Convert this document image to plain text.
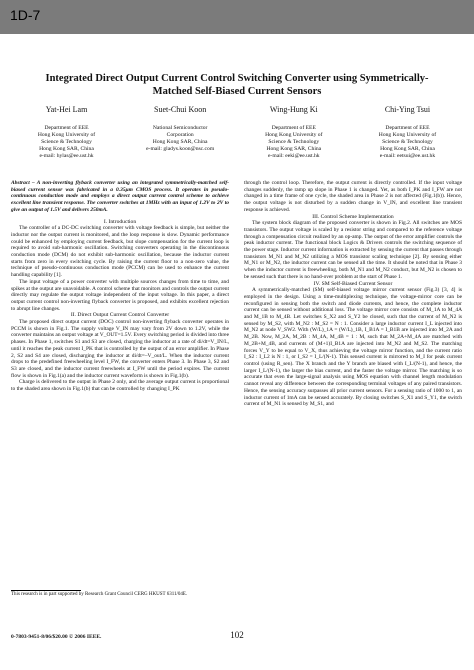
1D-7
Integrated Direct Output Current Control Switching Converter using Symmetrically-Matched Self-Biased Current Sensors
Yat-Hei Lam
Department of EEE
Hong Kong University of
Science & Technology
Hong Kong SAR, China
e-mail: hylas@ee.ust.hk
Suet-Chui Koon
National Semiconductor
Corporation
Hong Kong SAR, China
e-mail: gladys.koon@nsc.com
Wing-Hung Ki
Department of EEE
Hong Kong University of
Science & Technology
Hong Kong SAR, China
e-mail: eeki@ee.ust.hk
Chi-Ying Tsui
Department of EEE
Hong Kong University of
Science & Technology
Hong Kong SAR, China
e-mail: eetsui@ee.ust.hk

Abstract – A non-inverting flyback converter using an integrated symmetrically-matched self-biased current sensor was fabricated in a 0.35µm CMOS process. It operates in pseudo-continuous conduction mode and employs a direct output current control scheme to achieve excellent line transient response. The converter switches at 1MHz with an input of 1.2V to 2V to give an output of 1.5V and delivers 250mA.

I. Introduction

The controller of a DC-DC switching converter with voltage feedback is simple, but neither the inductor nor the output current is monitored, and the loop response is slow. Dynamic performance could be enhanced by employing current feedback, but slope compensation for the current loop is required to avoid sub-harmonic oscillation. Switching converters operating in the discontinuous conduction mode (DCM) do not exhibit sub-harmonic oscillation, because the inductor current starts from zero in every switching cycle. By raising the current floor to a non-zero value, the technique of pseudo-continuous conduction mode (PCCM) can be used to enhance the current handling capability [1].

The input voltage of a power converter with multiple sources changes from time to time, and spikes at the output are unavoidable. A control scheme that monitors and controls the output current directly may regulate the output voltage independent of the input voltage. In this paper, a direct output current control non-inverting flyback converter is proposed, and exhibits excellent rejection to abrupt line changes.

II. Direct Output Current Control Converter

The proposed direct output current (DOC) control non-inverting flyback converter operates in PCCM is shown in Fig.1. The supply voltage V_IN may vary from 2V down to 1.2V, while the converter maintains an output voltage at V_OUT=1.5V. Every switching period is divided into three phases. In Phase 1, switches S1 and S3 are closed, charging the inductor at a rate of di/dt=V_IN/L, until it reaches the peak current I_PK that is controlled by the output of an error amplifier. In Phase 2, S2 and S4 are closed, discharging the inductor at di/dt=–V_out/L. When the inductor current drops to the predefined freewheeling level I_FW, the converter enters Phase 3. In Phase 3, S2 and S3 are closed, and the inductor current freewheels at I_FW until the period expires. The current flow is shown in Fig.1(a) and the inductor current waveform is shown in Fig.1(b).

Charge is delivered to the output in Phase 2 only, and the average output current is proportional to the shaded area shown in Fig.1(b) that can be controlled by changing I_PK

through the control loop. Therefore, the output current is directly controlled. If the input voltage changes suddenly, the ramp up slope in Phase 1 is changed. Yet, as both I_PK and I_FW are not changed in a time frame of one cycle, the shaded area in Phase 2 is not affected (Fig.1(b)). Hence, the output voltage is not disturbed by a sudden change in V_IN, and excellent line transient response is achieved.

III. Control Scheme Implementation

The system block diagram of the proposed converter is shown in Fig.2. All switches are MOS transistors. The output voltage is scaled by a resistor string and compared to the reference voltage through a compensation circuit realized by an op-amp. The output of the error amplifier controls the peak inductor current. The functional block Logics & Drivers controls the switching sequence of the power stage. Inductor current information is extracted by sensing the current that passes through transistors M_N1 and M_N2 utilizing a MOS transistor scaling technique [2]. By sensing either M_N1 or M_N2, the inductor current can be sensed all the time. It should be noted that in Phase 3 when the inductor current is freewheeling, both M_N1 and M_N2 conduct, but M_N2 is chosen to be sensed such that there is no hand-over problem at the start of Phase 1.

IV. SM Self-Biased Current Sensor

A symmetrically-matched (SM) self-biased voltage mirror current sensor (Fig.3) [3, 4] is employed in the design. Using a time-multiplexing technique, the voltage-mirror core can be reconfigured in sensing both the switch and diode currents, and hence, the complete inductor current can be sensed without additional loss. The voltage mirror core consists of M_1A to M_4A and M_1B to M_4B. Let switches S_X2 and S_Y2 be closed, such that the current of M_N2 is sensed by M_S2, with M_N2 : M_S2 = N : 1. Consider a large inductor current I_L injected into M_N2 at node V_SW2. With (W/L)_1A = (W/L)_1B, I_B1A = I_B1B are injected into M_2A and M_2B. Now, M_2A, M_2B : M_4A, M_4B = 1 : M, such that M_2A+M_4A are matched with M_2B+M_4B, and currents of (M+1)I_B1A are injected into M_N2 and M_S2. The matching forces V_Y to be equal to V_X, thus achieving the voltage mirror function, and the current ratio I_S2 : I_L2 is N : 1, or I_S2 = I_L/(N-1). This sensed current is mirrored to M_I for peak current control (using R_sen). The X branch and the Y branch are biased with I_L/(N-1), and hence, the larger I_L/(N-1), the larger the bias current, and the faster the voltage mirror. The matching is so accurate that even the large-signal analysis using MOS equation with channel length modulation cannot reveal any difference between the corresponding terminal voltages of any paired transistors. Hence, the sensing accuracy surpasses all prior current sensors. For a sensing ratio of 1000 to 1, an inductor current of 1mA can be sensed accurately. By closing switches S_X1 and S_Y1, the switch current of M_N1 is sensed by M_S1, and

This research is in part supported by Research Grant Council CERG HKUST 6311/04E.
0-7803-9451-8/06/$20.00 © 2006 IEEE.	102
